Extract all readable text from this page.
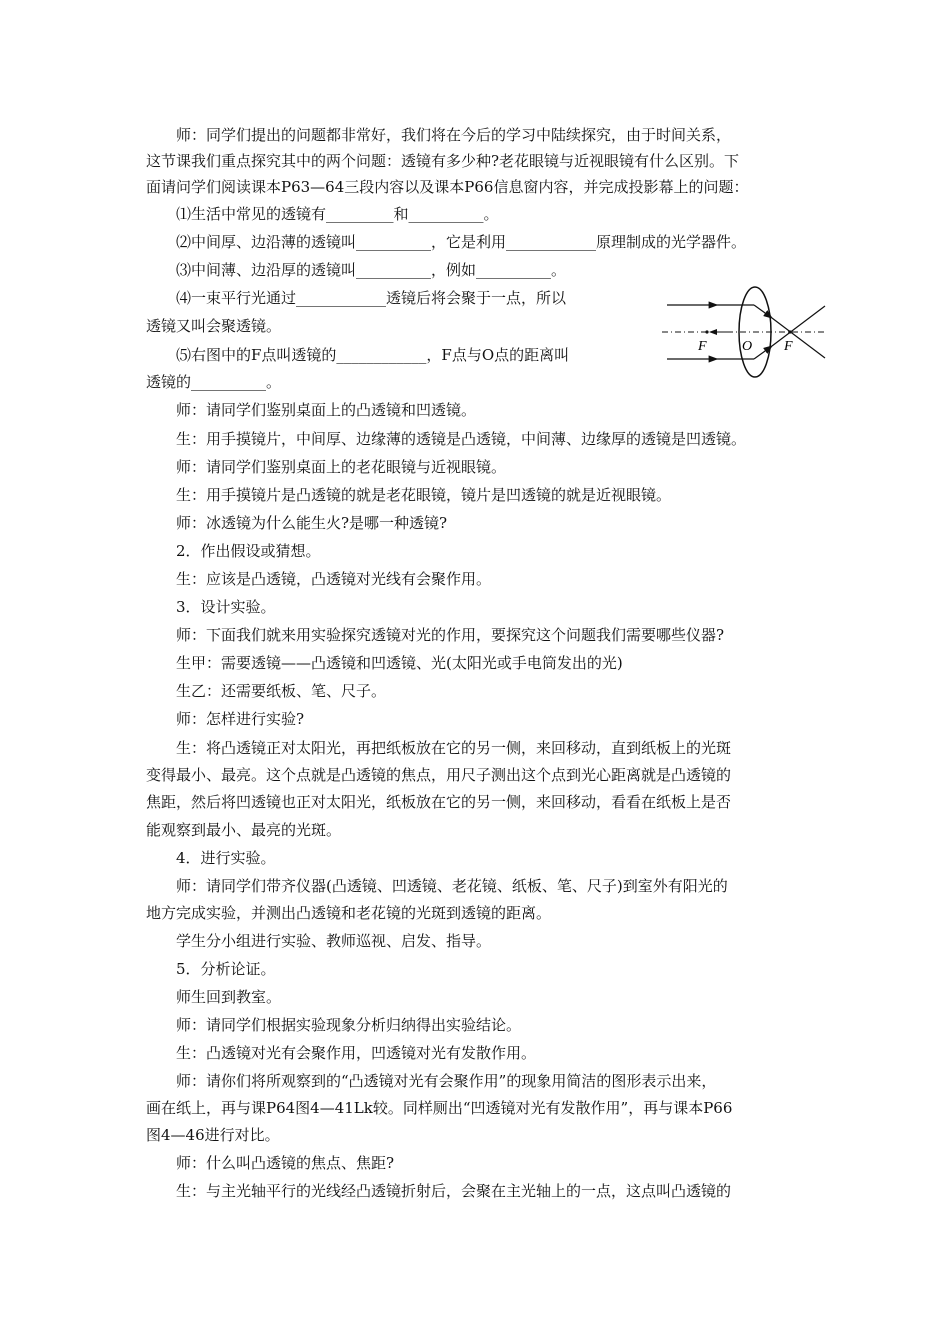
师：同学们提出的问题都非常好，我们将在今后的学习中陆续探究，由于时间关系，
这节课我们重点探究其中的两个问题：透镜有多少种?老花眼镜与近视眼镜有什么区别。下
面请问学们阅读课本P63—64三段内容以及课本P66信息窗内容，并完成投影幕上的问题：
⑴生活中常见的透镜有_________和__________。
⑵中间厚、边沿薄的透镜叫__________，它是利用____________原理制成的光学器件。
⑶中间薄、边沿厚的透镜叫__________，例如__________。
⑷一束平行光通过____________透镜后将会聚于一点，所以
透镜又叫会聚透镜。
⑸右图中的F点叫透镜的____________，F点与O点的距离叫
透镜的__________。
师：请同学们鉴别桌面上的凸透镜和凹透镜。
生：用手摸镜片，中间厚、边缘薄的透镜是凸透镜，中间薄、边缘厚的透镜是凹透镜。
师：请同学们鉴别桌面上的老花眼镜与近视眼镜。
生：用手摸镜片是凸透镜的就是老花眼镜，镜片是凹透镜的就是近视眼镜。
师：冰透镜为什么能生火?是哪一种透镜?
2．作出假设或猜想。
生：应该是凸透镜，凸透镜对光线有会聚作用。
3．设计实验。
师：下面我们就来用实验探究透镜对光的作用，要探究这个问题我们需要哪些仪器?
生甲：需要透镜——凸透镜和凹透镜、光(太阳光或手电筒发出的光)
生乙：还需要纸板、笔、尺子。
师：怎样进行实验?
生：将凸透镜正对太阳光，再把纸板放在它的另一侧，来回移动，直到纸板上的光斑
变得最小、最亮。这个点就是凸透镜的焦点，用尺子测出这个点到光心距离就是凸透镜的
焦距，然后将凹透镜也正对太阳光，纸板放在它的另一侧，来回移动，看看在纸板上是否
能观察到最小、最亮的光斑。
4．进行实验。
师：请同学们带齐仪器(凸透镜、凹透镜、老花镜、纸板、笔、尺子)到室外有阳光的
地方完成实验，并测出凸透镜和老花镜的光斑到透镜的距离。
学生分小组进行实验、教师巡视、启发、指导。
5．分析论证。
师生回到教室。
师：请同学们根据实验现象分析归纳得出实验结论。
生：凸透镜对光有会聚作用，凹透镜对光有发散作用。
师：请你们将所观察到的“凸透镜对光有会聚作用”的现象用简洁的图形表示出来，
画在纸上，再与课P64图4—41Lk较。同样厕出“凹透镜对光有发散作用”，再与课本P66
图4—46进行对比。
师：什么叫凸透镜的焦点、焦距?
生：与主光轴平行的光线经凸透镜折射后，会聚在主光轴上的一点，这点叫凸透镜的
F	O F
